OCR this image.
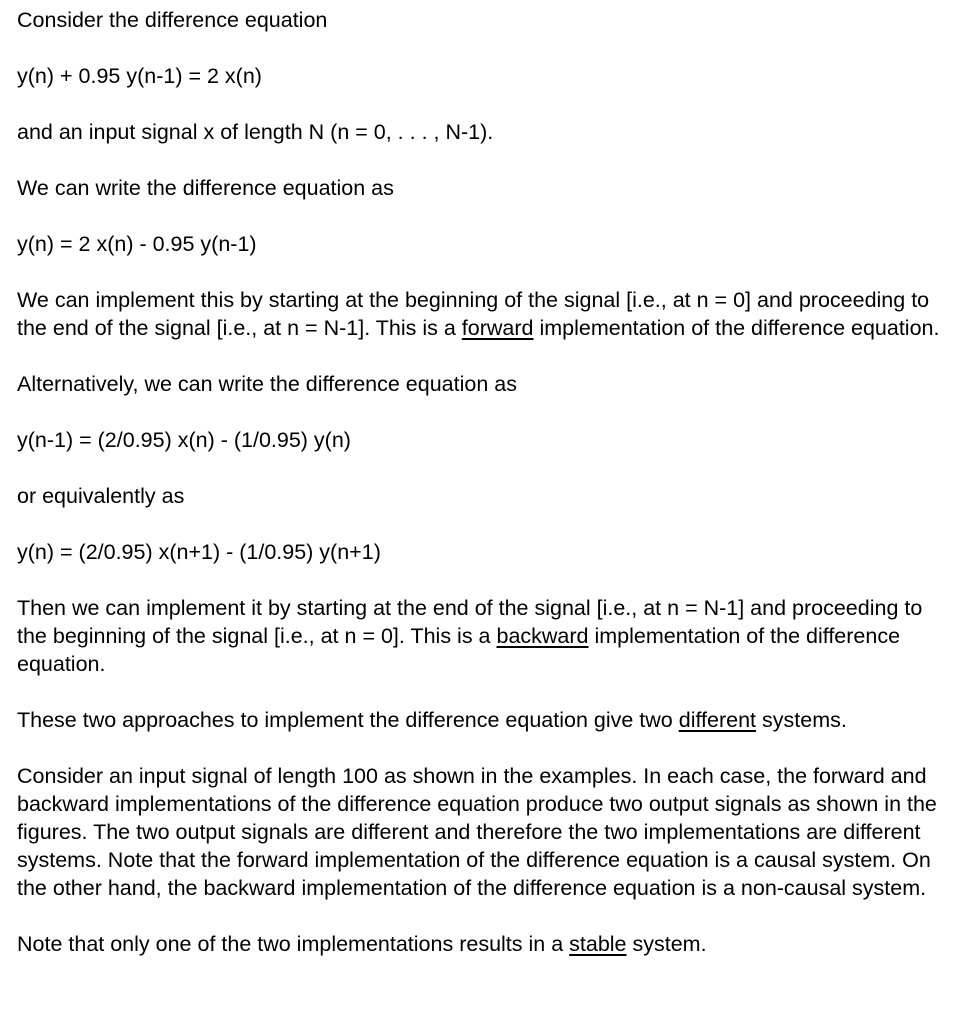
Consider the difference equation

y(n) + 0.95 y(n-1) = 2 x(n)

and an input signal x of length N (n = 0, . . . , N-1).

We can write the difference equation as

y(n) = 2 x(n) - 0.95 y(n-1)

We can implement this by starting at the beginning of the signal [i.e., at n = 0] and proceeding to the end of the signal [i.e., at n = N-1]. This is a forward implementation of the difference equation.

Alternatively, we can write the difference equation as

y(n-1) = (2/0.95) x(n) - (1/0.95) y(n)

or equivalently as

y(n) = (2/0.95) x(n+1) - (1/0.95) y(n+1)

Then we can implement it by starting at the end of the signal [i.e., at n = N-1] and proceeding to the beginning of the signal [i.e., at n = 0]. This is a backward implementation of the difference equation.

These two approaches to implement the difference equation give two different systems.

Consider an input signal of length 100 as shown in the examples. In each case, the forward and backward implementations of the difference equation produce two output signals as shown in the figures. The two output signals are different and therefore the two implementations are different systems. Note that the forward implementation of the difference equation is a causal system. On the other hand, the backward implementation of the difference equation is a non-causal system.

Note that only one of the two implementations results in a stable system.
